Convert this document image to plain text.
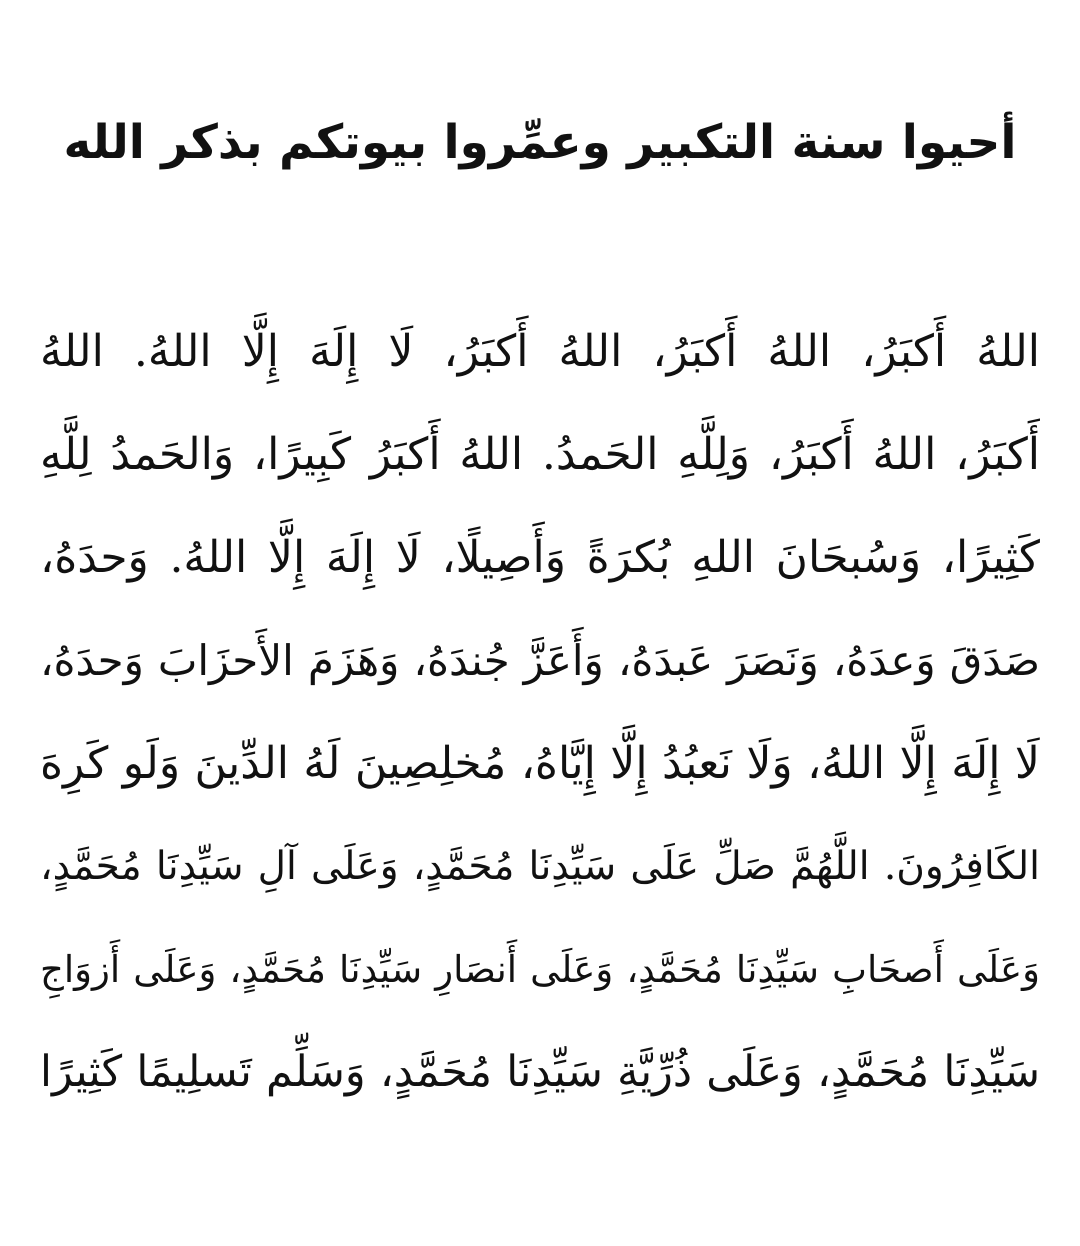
أحيوا سنة التكبير وعمِّروا بيوتكم بذكر الله
اللهُ أَكبَرُ، اللهُ أَكبَرُ، اللهُ أَكبَرُ، لَا إِلَهَ إِلَّا اللهُ. اللهُ
أَكبَرُ، اللهُ أَكبَرُ، وَلِلَّهِ الحَمدُ. اللهُ أَكبَرُ كَبِيرًا، وَالحَمدُ لِلَّهِ
كَثِيرًا، وَسُبحَانَ اللهِ بُكرَةً وَأَصِيلًا، لَا إِلَهَ إِلَّا اللهُ. وَحدَهُ،
صَدَقَ وَعدَهُ، وَنَصَرَ عَبدَهُ، وَأَعَزَّ جُندَهُ، وَهَزَمَ الأَحزَابَ وَحدَهُ،
لَا إِلَهَ إِلَّا اللهُ، وَلَا نَعبُدُ إِلَّا إِيَّاهُ، مُخلِصِينَ لَهُ الدِّينَ وَلَو كَرِهَ
الكَافِرُونَ. اللَّهُمَّ صَلِّ عَلَى سَيِّدِنَا مُحَمَّدٍ، وَعَلَى آلِ سَيِّدِنَا مُحَمَّدٍ،
وَعَلَى أَصحَابِ سَيِّدِنَا مُحَمَّدٍ، وَعَلَى أَنصَارِ سَيِّدِنَا مُحَمَّدٍ، وَعَلَى أَزوَاجِ
سَيِّدِنَا مُحَمَّدٍ، وَعَلَى ذُرِّيَّةِ سَيِّدِنَا مُحَمَّدٍ، وَسَلِّم تَسلِيمًا كَثِيرًا
